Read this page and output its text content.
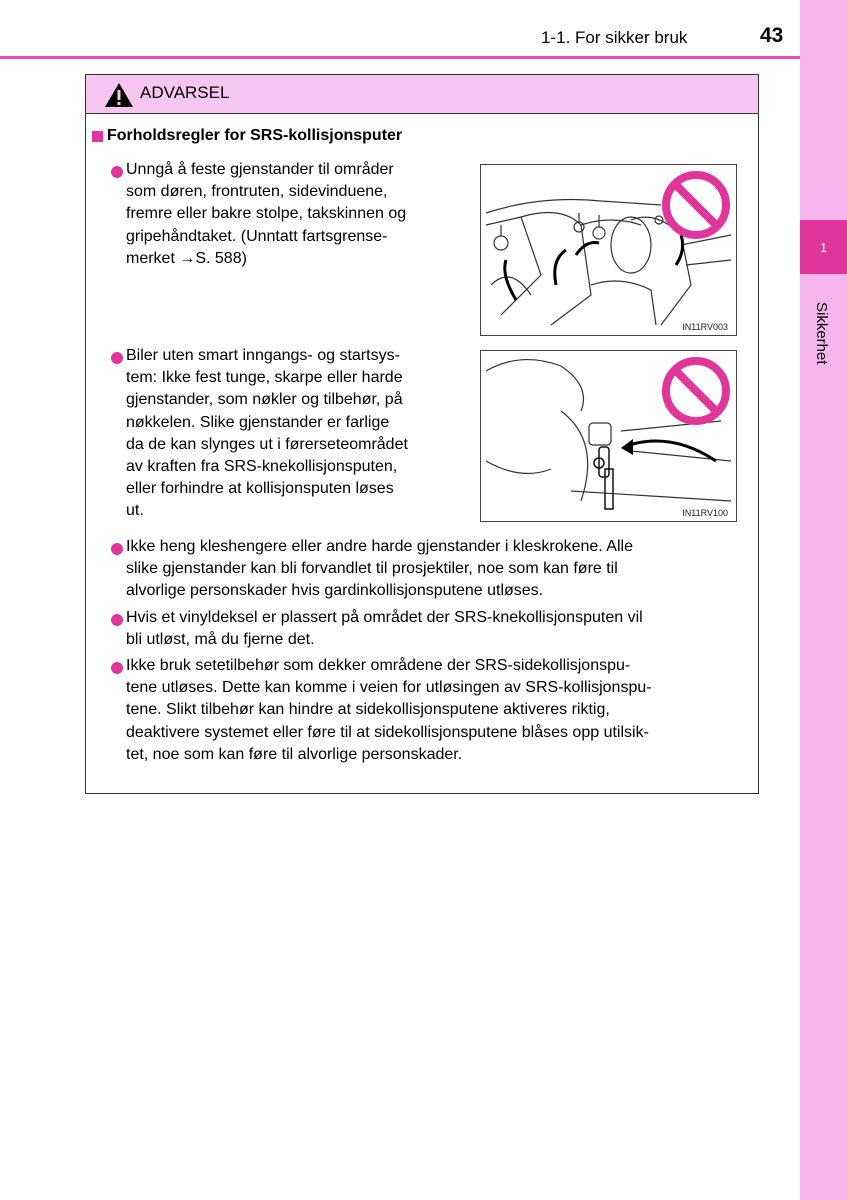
1
Sikkerhet
1-1. For sikker bruk	43
ADVARSEL
Forholdsregler for SRS-kollisjonsputer
Unngå å feste gjenstander til områder
som døren, frontruten, sidevinduene,
fremre eller bakre stolpe, takskinnen og
gripehåndtaket. (Unntatt fartsgrense-
merket →S. 588)
IN11RV003
Biler uten smart inngangs- og startsys-
tem: Ikke fest tunge, skarpe eller harde
gjenstander, som nøkler og tilbehør, på
nøkkelen. Slike gjenstander er farlige
da de kan slynges ut i førerseteområdet
av kraften fra SRS-knekollisjonsputen,
eller forhindre at kollisjonsputen løses
ut.	IN11RV100
Ikke heng kleshengere eller andre harde gjenstander i kleskrokene. Alle
slike gjenstander kan bli forvandlet til prosjektiler, noe som kan føre til
alvorlige personskader hvis gardinkollisjonsputene utløses.
Hvis et vinyldeksel er plassert på området der SRS-knekollisjonsputen vil
bli utløst, må du fjerne det.
Ikke bruk setetilbehør som dekker områdene der SRS-sidekollisjonspu-
tene utløses. Dette kan komme i veien for utløsingen av SRS-kollisjonspu-
tene. Slikt tilbehør kan hindre at sidekollisjonsputene aktiveres riktig,
deaktivere systemet eller føre til at sidekollisjonsputene blåses opp utilsik-
tet, noe som kan føre til alvorlige personskader.
